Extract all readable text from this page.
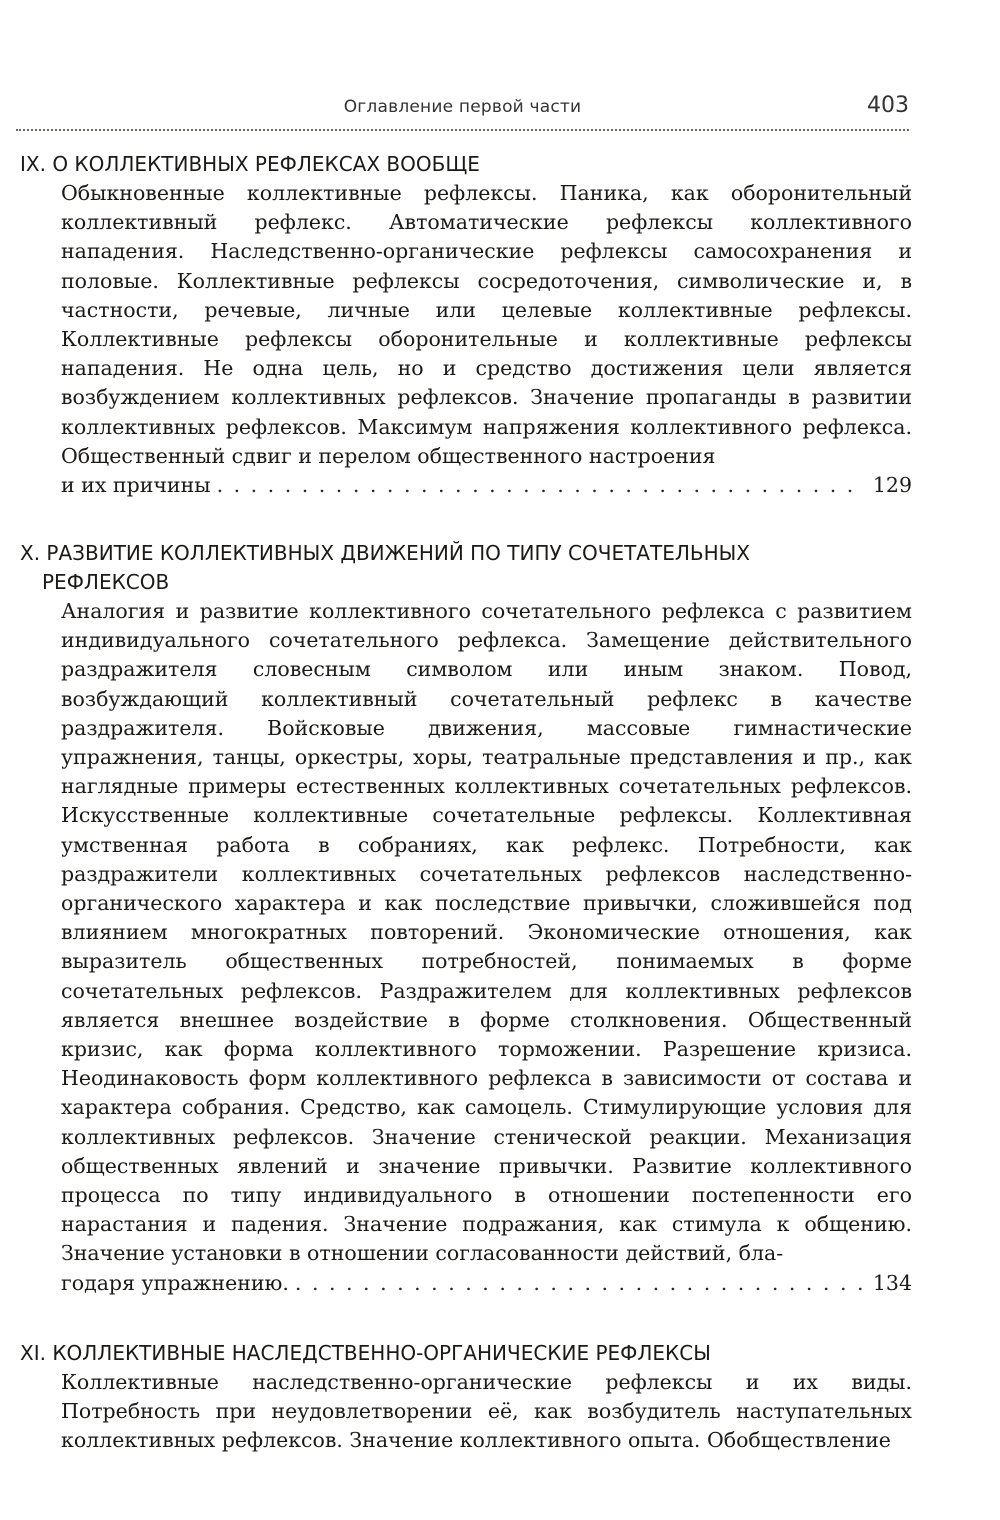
Оглавление первой части	403
IX. О КОЛЛЕКТИВНЫХ РЕФЛЕКСАХ ВООБЩЕ
Обыкновенные коллективные рефлексы. Паника, как оборонительный коллективный рефлекс. Автоматические рефлексы коллективного нападения. Наследственно-органические рефлексы самосохранения и половые. Коллективные рефлексы сосредоточения, символические и, в частности, речевые, личные или целевые коллективные рефлексы. Коллективные рефлексы оборонительные и коллективные рефлексы нападения. Не одна цель, но и средство достижения цели является возбуждением коллективных рефлексов. Значение пропаганды в развитии коллективных рефлексов. Максимум напряжения коллективного рефлекса. Общественный сдвиг и перелом общественного настроения
и их причины . . .	129
X. РАЗВИТИЕ КОЛЛЕКТИВНЫХ ДВИЖЕНИЙ ПО ТИПУ СОЧЕТАТЕЛЬНЫХ
РЕФЛЕКСОВ
Аналогия и развитие коллективного сочетательного рефлекса с развитием индивидуального сочетательного рефлекса. Замещение действительного раздражителя словесным символом или иным знаком. Повод, возбуждающий коллективный сочетательный рефлекс в качестве раздражителя. Войсковые движения, массовые гимнастические упражнения, танцы, оркестры, хоры, театральные представления и пр., как наглядные примеры естественных коллективных сочетательных рефлексов. Искусственные коллективные сочетательные рефлексы. Коллективная умственная работа в собраниях, как рефлекс. Потребности, как раздражители коллективных сочетательных рефлексов наследственно-органического характера и как последствие привычки, сложившейся под влиянием многократных повторений. Экономические отношения, как выразитель общественных потребностей, понимаемых в форме сочетательных рефлексов. Раздражителем для коллективных рефлексов является внешнее воздействие в форме столкновения. Общественный кризис, как форма коллективного торможении. Разрешение кризиса. Неодинаковость форм коллективного рефлекса в зависимости от состава и характера собрания. Средство, как самоцель. Стимулирующие условия для коллективных рефлексов. Значение стенической реакции. Механизация общественных явлений и значение привычки. Развитие коллективного процесса по типу индивидуального в отношении постепенности его нарастания и падения. Значение подражания, как стимула к общению. Значение установки в отношении согласованности действий, бла-
годаря упражнению. . . .	134
XI. КОЛЛЕКТИВНЫЕ НАСЛЕДСТВЕННО-ОРГАНИЧЕСКИЕ РЕФЛЕКСЫ
Коллективные наследственно-органические рефлексы и их виды. Потребность при неудовлетворении её, как возбудитель наступательных коллективных рефлексов. Значение коллективного опыта. Обобществление
